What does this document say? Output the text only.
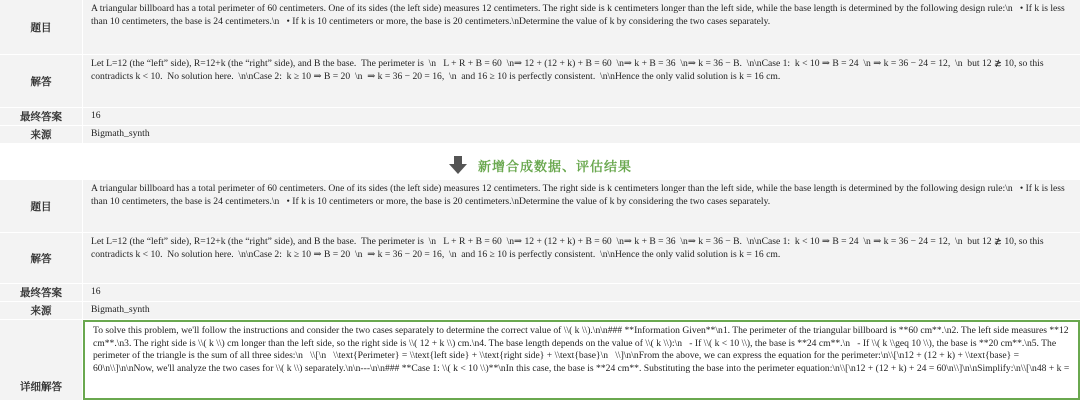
题目
A triangular billboard has a total perimeter of 60 centimeters. One of its sides (the left side) measures 12 centimeters. The right side is k centimeters longer than the left side, while the base length is determined by the following design rule:\n   • If k is less than 10 centimeters, the base is 24 centimeters.\n   • If k is 10 centimeters or more, the base is 20 centimeters.\nDetermine the value of k by considering the two cases separately.
解答
Let L=12 (the “left” side), R=12+k (the “right” side), and B the base.  The perimeter is  \n   L + R + B = 60  \n⇒ 12 + (12 + k) + B = 60  \n⇒ k + B = 36  \n⇒ k = 36 − B.  \n\nCase 1:  k < 10 ⇒ B = 24  \n ⇒ k = 36 − 24 = 12,  \n  but 12 ≵ 10, so this contradicts k < 10.  No solution here.  \n\nCase 2:  k ≥ 10 ⇒ B = 20  \n  ⇒ k = 36 − 20 = 16,  \n  and 16 ≥ 10 is perfectly consistent.  \n\nHence the only valid solution is k = 16 cm.
最终答案	16
来源	Bigmath_synth
新增合成数据、评估结果
题目
A triangular billboard has a total perimeter of 60 centimeters. One of its sides (the left side) measures 12 centimeters. The right side is k centimeters longer than the left side, while the base length is determined by the following design rule:\n   • If k is less than 10 centimeters, the base is 24 centimeters.\n   • If k is 10 centimeters or more, the base is 20 centimeters.\nDetermine the value of k by considering the two cases separately.
解答
Let L=12 (the “left” side), R=12+k (the “right” side), and B the base.  The perimeter is  \n   L + R + B = 60  \n⇒ 12 + (12 + k) + B = 60  \n⇒ k + B = 36  \n⇒ k = 36 − B.  \n\nCase 1:  k < 10 ⇒ B = 24  \n ⇒ k = 36 − 24 = 12,  \n  but 12 ≵ 10, so this contradicts k < 10.  No solution here.  \n\nCase 2:  k ≥ 10 ⇒ B = 20  \n  ⇒ k = 36 − 20 = 16,  \n  and 16 ≥ 10 is perfectly consistent.  \n\nHence the only valid solution is k = 16 cm.
最终答案	16
来源	Bigmath_synth
详细解答
To solve this problem, we'll follow the instructions and consider the two cases separately to determine the correct value of \\( k \\).\n\n### **Information Given**\n1. The perimeter of the triangular billboard is **60 cm**.\n2. The left side measures **12 cm**.\n3. The right side is \\( k \\) cm longer than the left side, so the right side is \\( 12 + k \\) cm.\n4. The base length depends on the value of \\( k \\):\n   - If \\( k < 10 \\), the base is **24 cm**.\n   - If \\( k \\geq 10 \\), the base is **20 cm**.\n5. The perimeter of the triangle is the sum of all three sides:\n   \\[\n   \\text{Perimeter} = \\text{left side} + \\text{right side} + \\text{base}\n   \\]\n\nFrom the above, we can express the equation for the perimeter:\n\\[\n12 + (12 + k) + \\text{base} = 60\n\\]\n\nNow, we'll analyze the two cases for \\( k \\) separately.\n\n---\n\n### **Case 1: \\( k < 10 \\)**\nIn this case, the base is **24 cm**. Substituting the base into the perimeter equation:\n\\[\n12 + (12 + k) + 24 = 60\n\\]\n\nSimplify:\n\\[\n48 + k =
